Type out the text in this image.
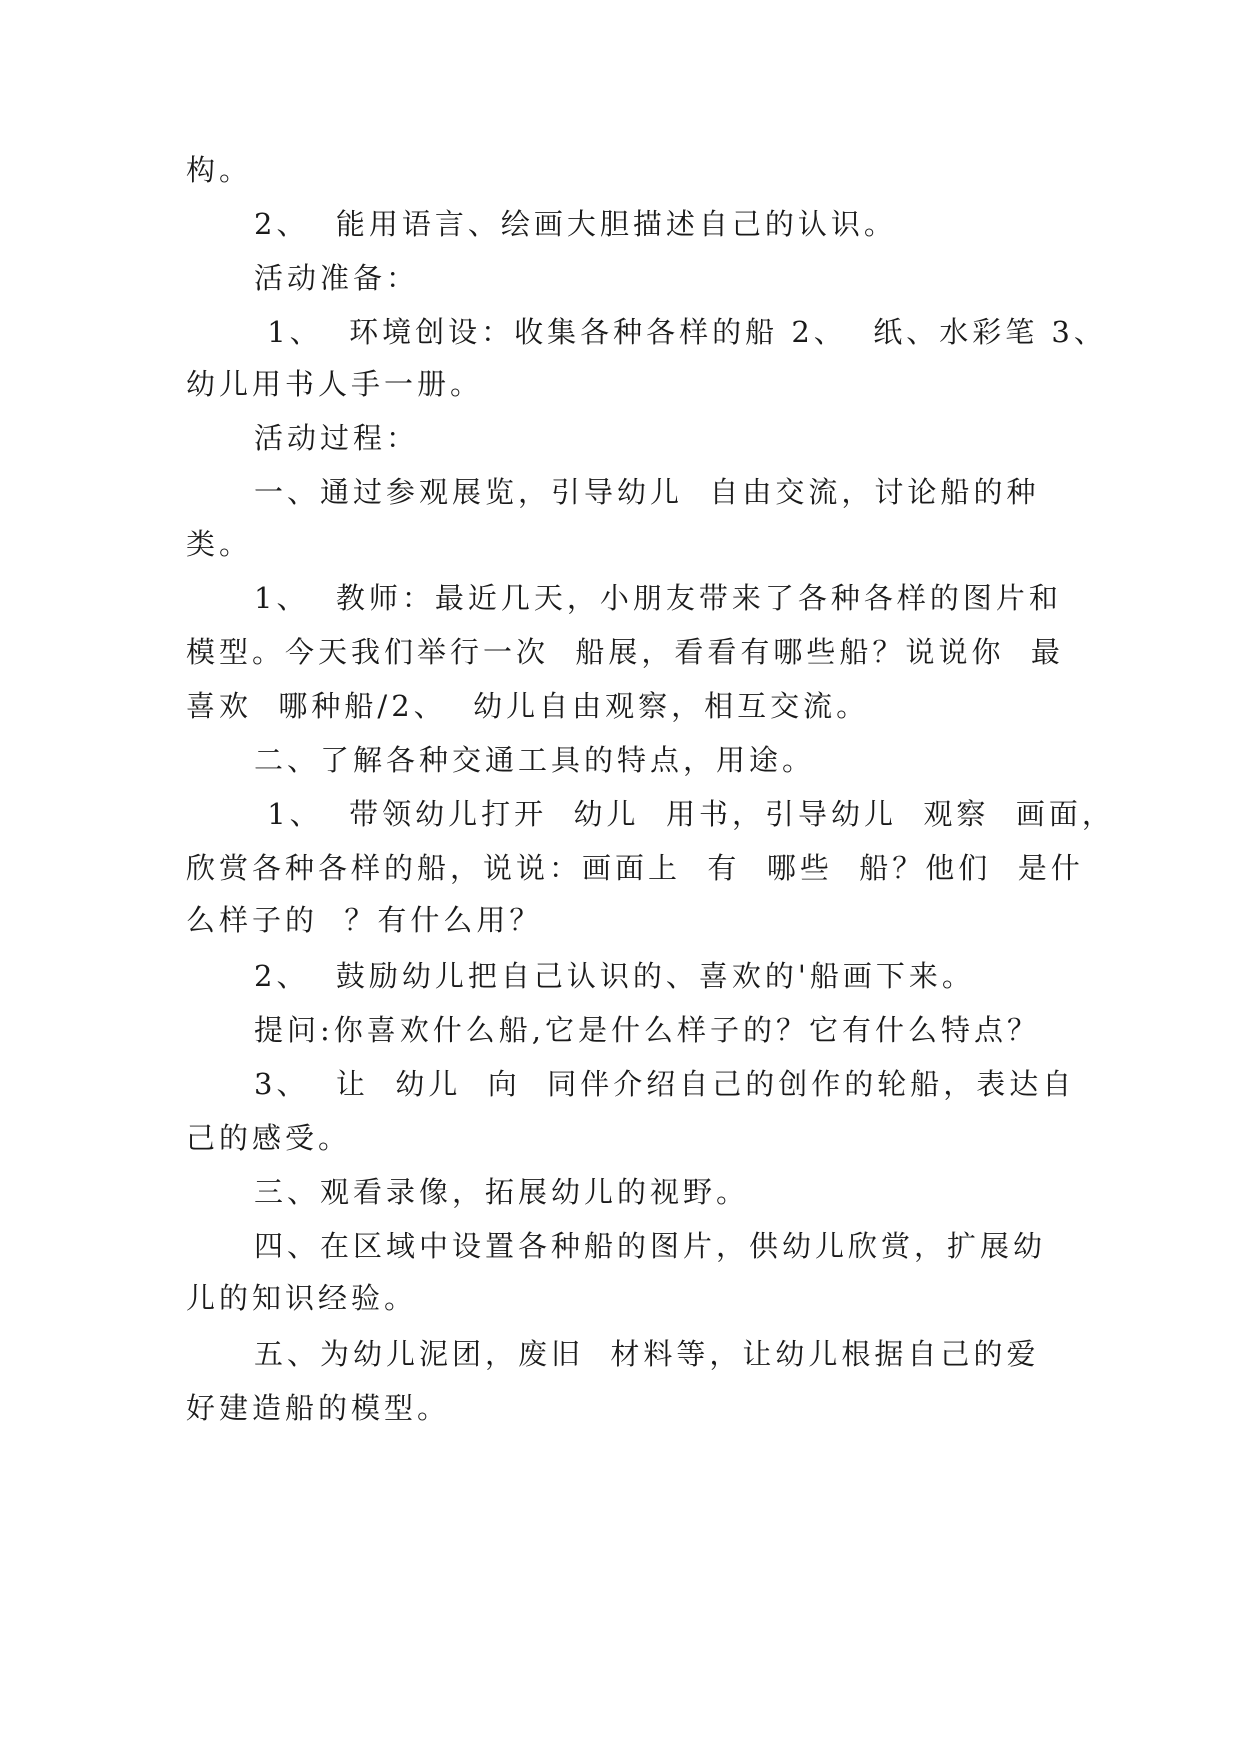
构。
2、  能用语言、绘画大胆描述自己的认识。
活动准备：
1、  环境创设：收集各种各样的船 2、  纸、水彩笔 3、
幼儿用书人手一册。
活动过程：
一、通过参观展览，引导幼儿  自由交流，讨论船的种
类。
1、  教师：最近几天，小朋友带来了各种各样的图片和
模型。今天我们举行一次  船展，看看有哪些船？说说你  最
喜欢  哪种船/2、  幼儿自由观察，相互交流。
二、了解各种交通工具的特点，用途。
1、  带领幼儿打开  幼儿  用书，引导幼儿  观察  画面，
欣赏各种各样的船，说说：画面上  有  哪些  船？他们  是什
么样子的  ？有什么用？
2、  鼓励幼儿把自己认识的、喜欢的'船画下来。
提问:你喜欢什么船,它是什么样子的？它有什么特点？
3、  让  幼儿  向  同伴介绍自己的创作的轮船，表达自
己的感受。
三、观看录像，拓展幼儿的视野。
四、在区域中设置各种船的图片，供幼儿欣赏，扩展幼
儿的知识经验。
五、为幼儿泥团，废旧  材料等，让幼儿根据自己的爱
好建造船的模型。
